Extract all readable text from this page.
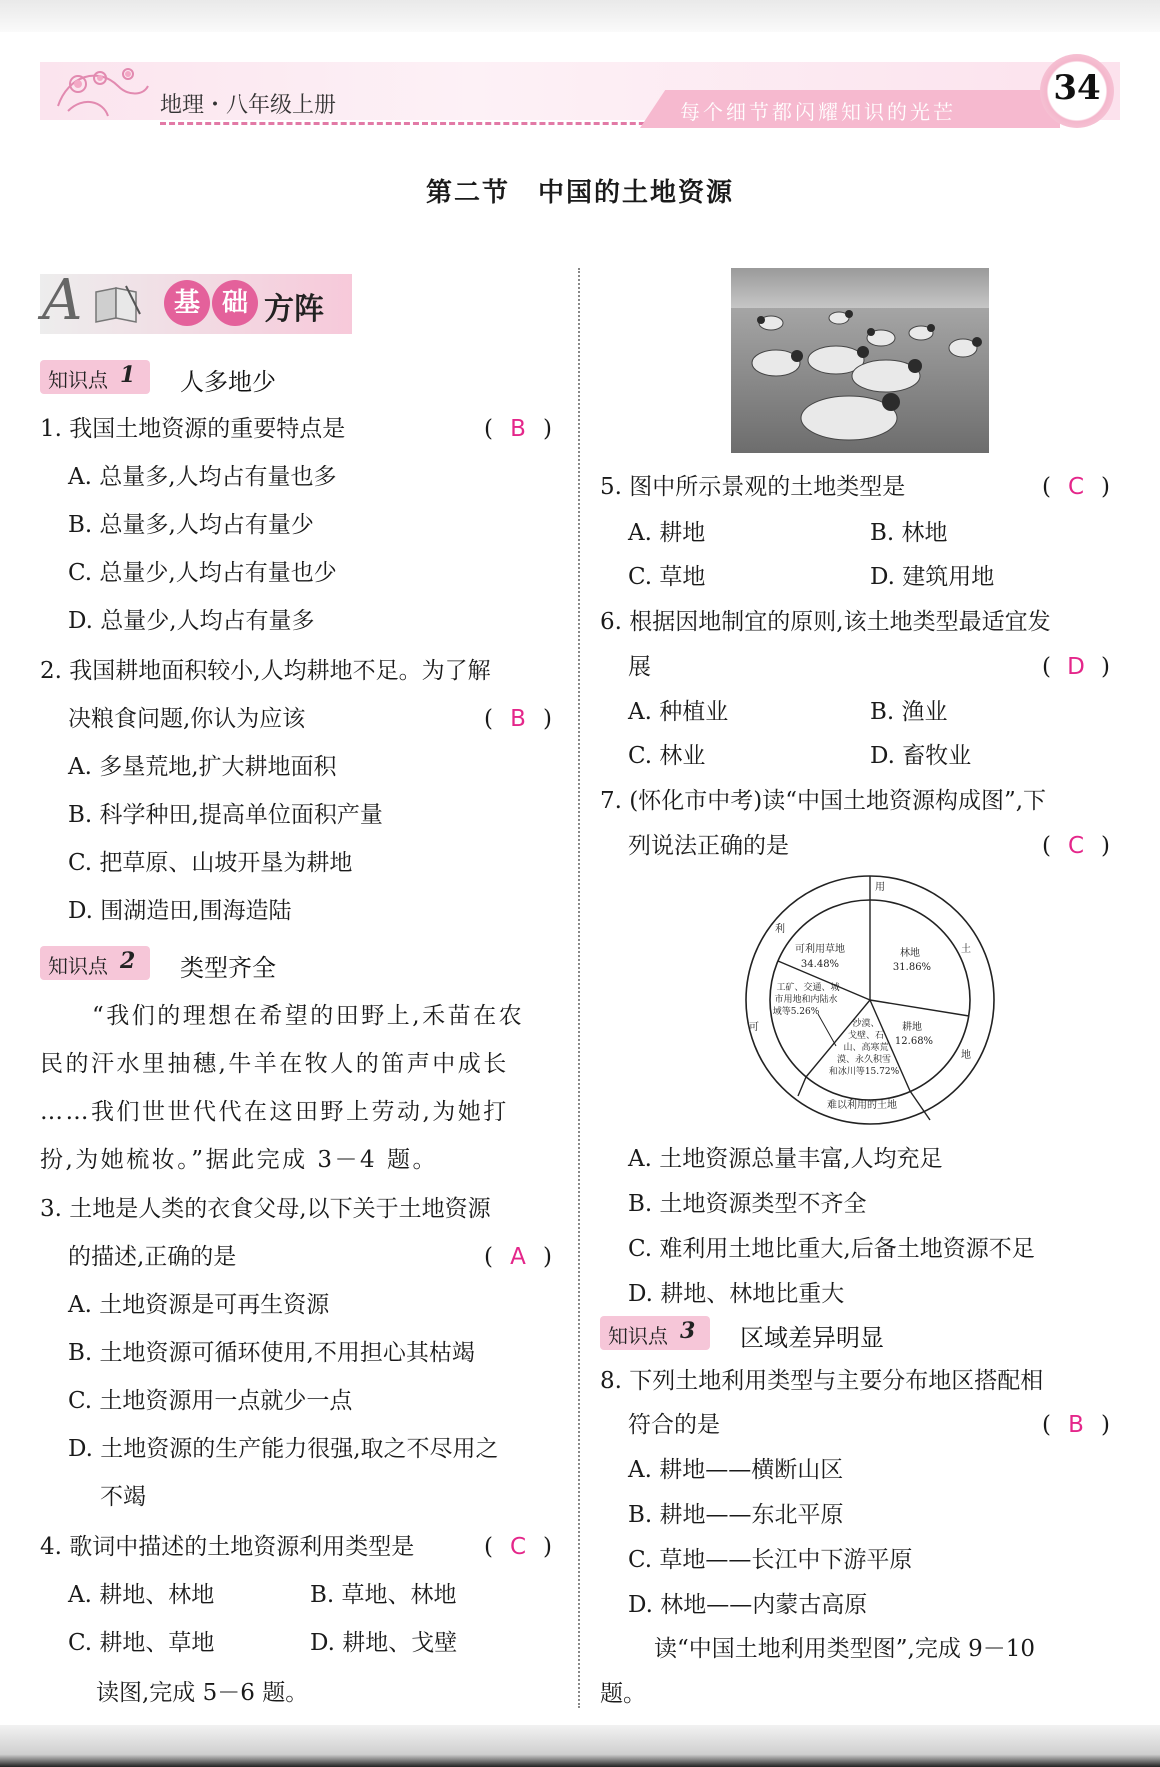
地理・八年级上册	每个细节都闪耀知识的光芒
34
第二节　中国的土地资源
A	基 础 方阵
知识点 1 人多地少
1. 我国土地资源的重要特点是	( B )
A. 总量多,人均占有量也多
B. 总量多,人均占有量少
C. 总量少,人均占有量也少
D. 总量少,人均占有量多
2. 我国耕地面积较小,人均耕地不足。为了解
决粮食问题,你认为应该	( B )
A. 多垦荒地,扩大耕地面积
B. 科学种田,提高单位面积产量
C. 把草原、山坡开垦为耕地
D. 围湖造田,围海造陆
知识点 2 类型齐全
“我们的理想在希望的田野上,禾苗在农
民的汗水里抽穗,牛羊在牧人的笛声中成长
……我们世世代代在这田野上劳动,为她打
扮,为她梳妆。”据此完成 3－4 题。
3. 土地是人类的衣食父母,以下关于土地资源
的描述,正确的是	( A )
A. 土地资源是可再生资源
B. 土地资源可循环使用,不用担心其枯竭
C. 土地资源用一点就少一点
D. 土地资源的生产能力很强,取之不尽用之
不竭
4. 歌词中描述的土地资源利用类型是	( C )
A. 耕地、林地	B. 草地、林地
C. 耕地、草地	D. 耕地、戈壁
读图,完成 5－6 题。
5. 图中所示景观的土地类型是	( C )
A. 耕地	B. 林地
C. 草地	D. 建筑用地
6. 根据因地制宜的原则,该土地类型最适宜发
展	( D )
A. 种植业	B. 渔业
C. 林业	D. 畜牧业
7. (怀化市中考)读“中国土地资源构成图”,下
列说法正确的是	( C )
用
土
地
利
可
可利用草地
34.48%
林地
31.86%
耕地
12.68%
工矿、交通、城
市用地和内陆水
域等5.26%
沙漠、
戈壁、石
山、高寒荒
漠、永久积雪
和冰川等15.72%
难以利用的土地
A. 土地资源总量丰富,人均充足
B. 土地资源类型不齐全
C. 难利用土地比重大,后备土地资源不足
D. 耕地、林地比重大
知识点 3 区域差异明显
8. 下列土地利用类型与主要分布地区搭配相
符合的是	( B )
A. 耕地——横断山区
B. 耕地——东北平原
C. 草地——长江中下游平原
D. 林地——内蒙古高原
读“中国土地利用类型图”,完成 9－10
题。
